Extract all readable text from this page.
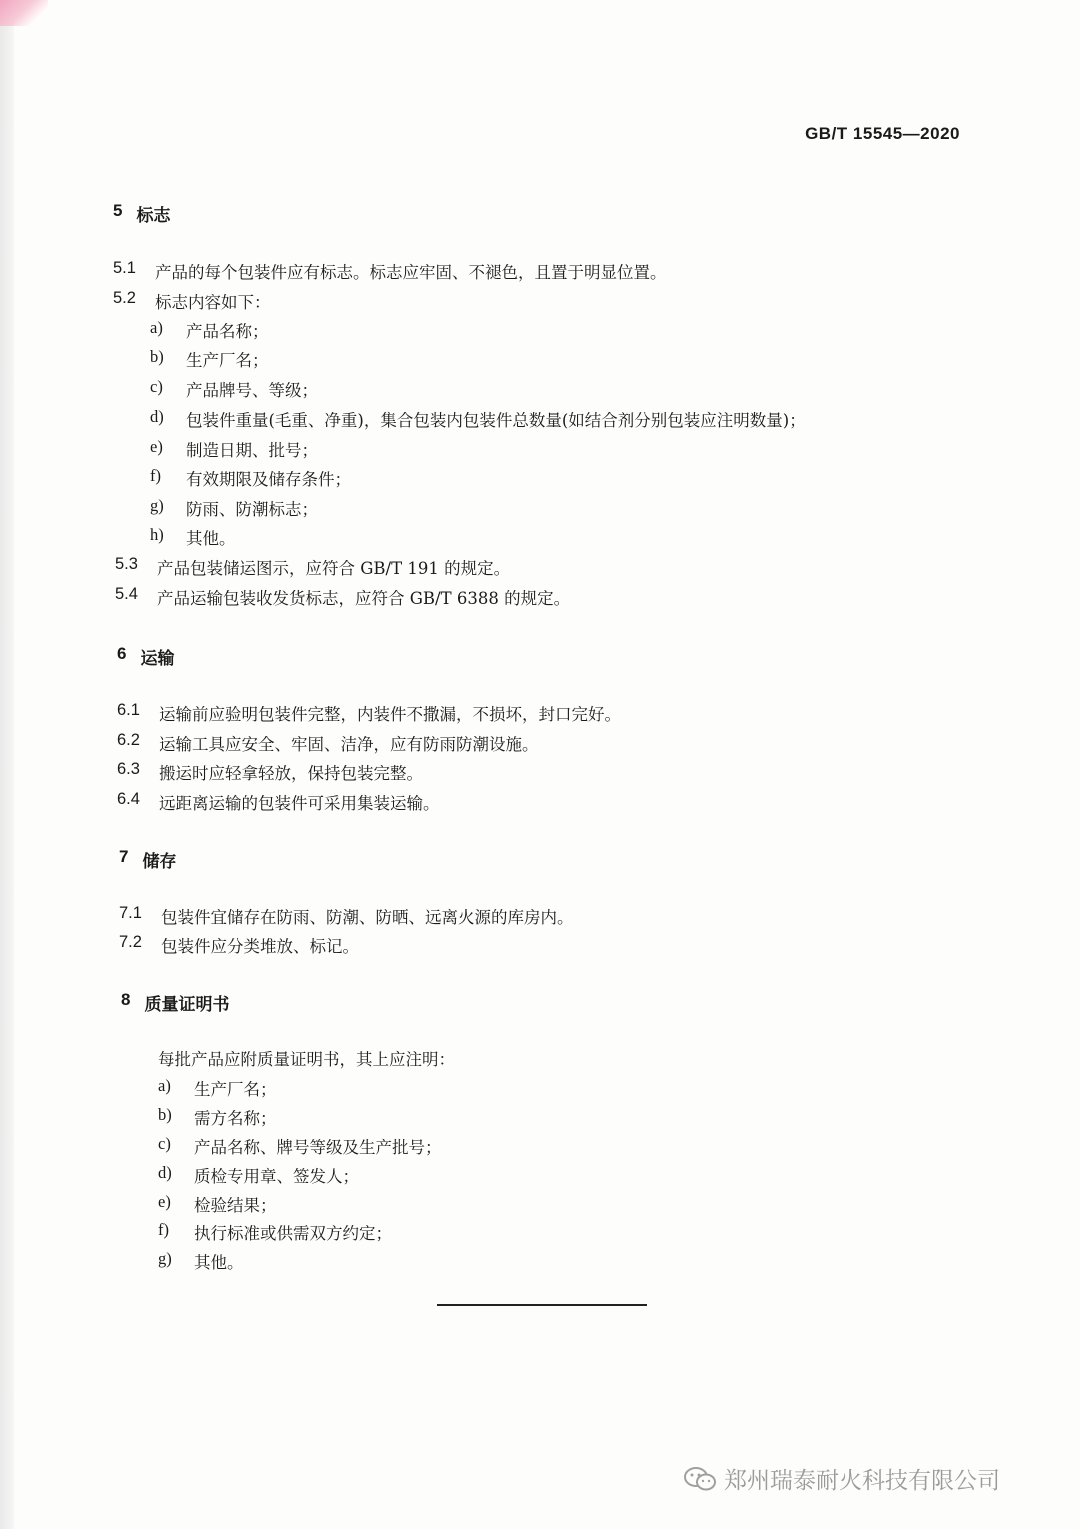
GB/T 15545—2020
5 标志
5.1	产品的每个包装件应有标志。标志应牢固、不褪色，且置于明显位置。
5.2	标志内容如下：
a)	产品名称；
b)	生产厂名；
c)	产品牌号、等级；
d)	包装件重量(毛重、净重)，集合包装内包装件总数量(如结合剂分别包装应注明数量)；
e)	制造日期、批号；
f)	有效期限及储存条件；
g)	防雨、防潮标志；
h)	其他。
5.3	产品包装储运图示，应符合 GB/T 191 的规定。
5.4	产品运输包装收发货标志，应符合 GB/T 6388 的规定。
6 运输
6.1	运输前应验明包装件完整，内装件不撒漏，不损坏，封口完好。
6.2	运输工具应安全、牢固、洁净，应有防雨防潮设施。
6.3	搬运时应轻拿轻放，保持包装完整。
6.4	远距离运输的包装件可采用集装运输。
7 储存
7.1	包装件宜储存在防雨、防潮、防晒、远离火源的库房内。
7.2	包装件应分类堆放、标记。
8 质量证明书
每批产品应附质量证明书，其上应注明：
a)	生产厂名；
b)	需方名称；
c)	产品名称、牌号等级及生产批号；
d)	质检专用章、签发人；
e)	检验结果；
f)	执行标准或供需双方约定；
g)	其他。
郑州瑞泰耐火科技有限公司
